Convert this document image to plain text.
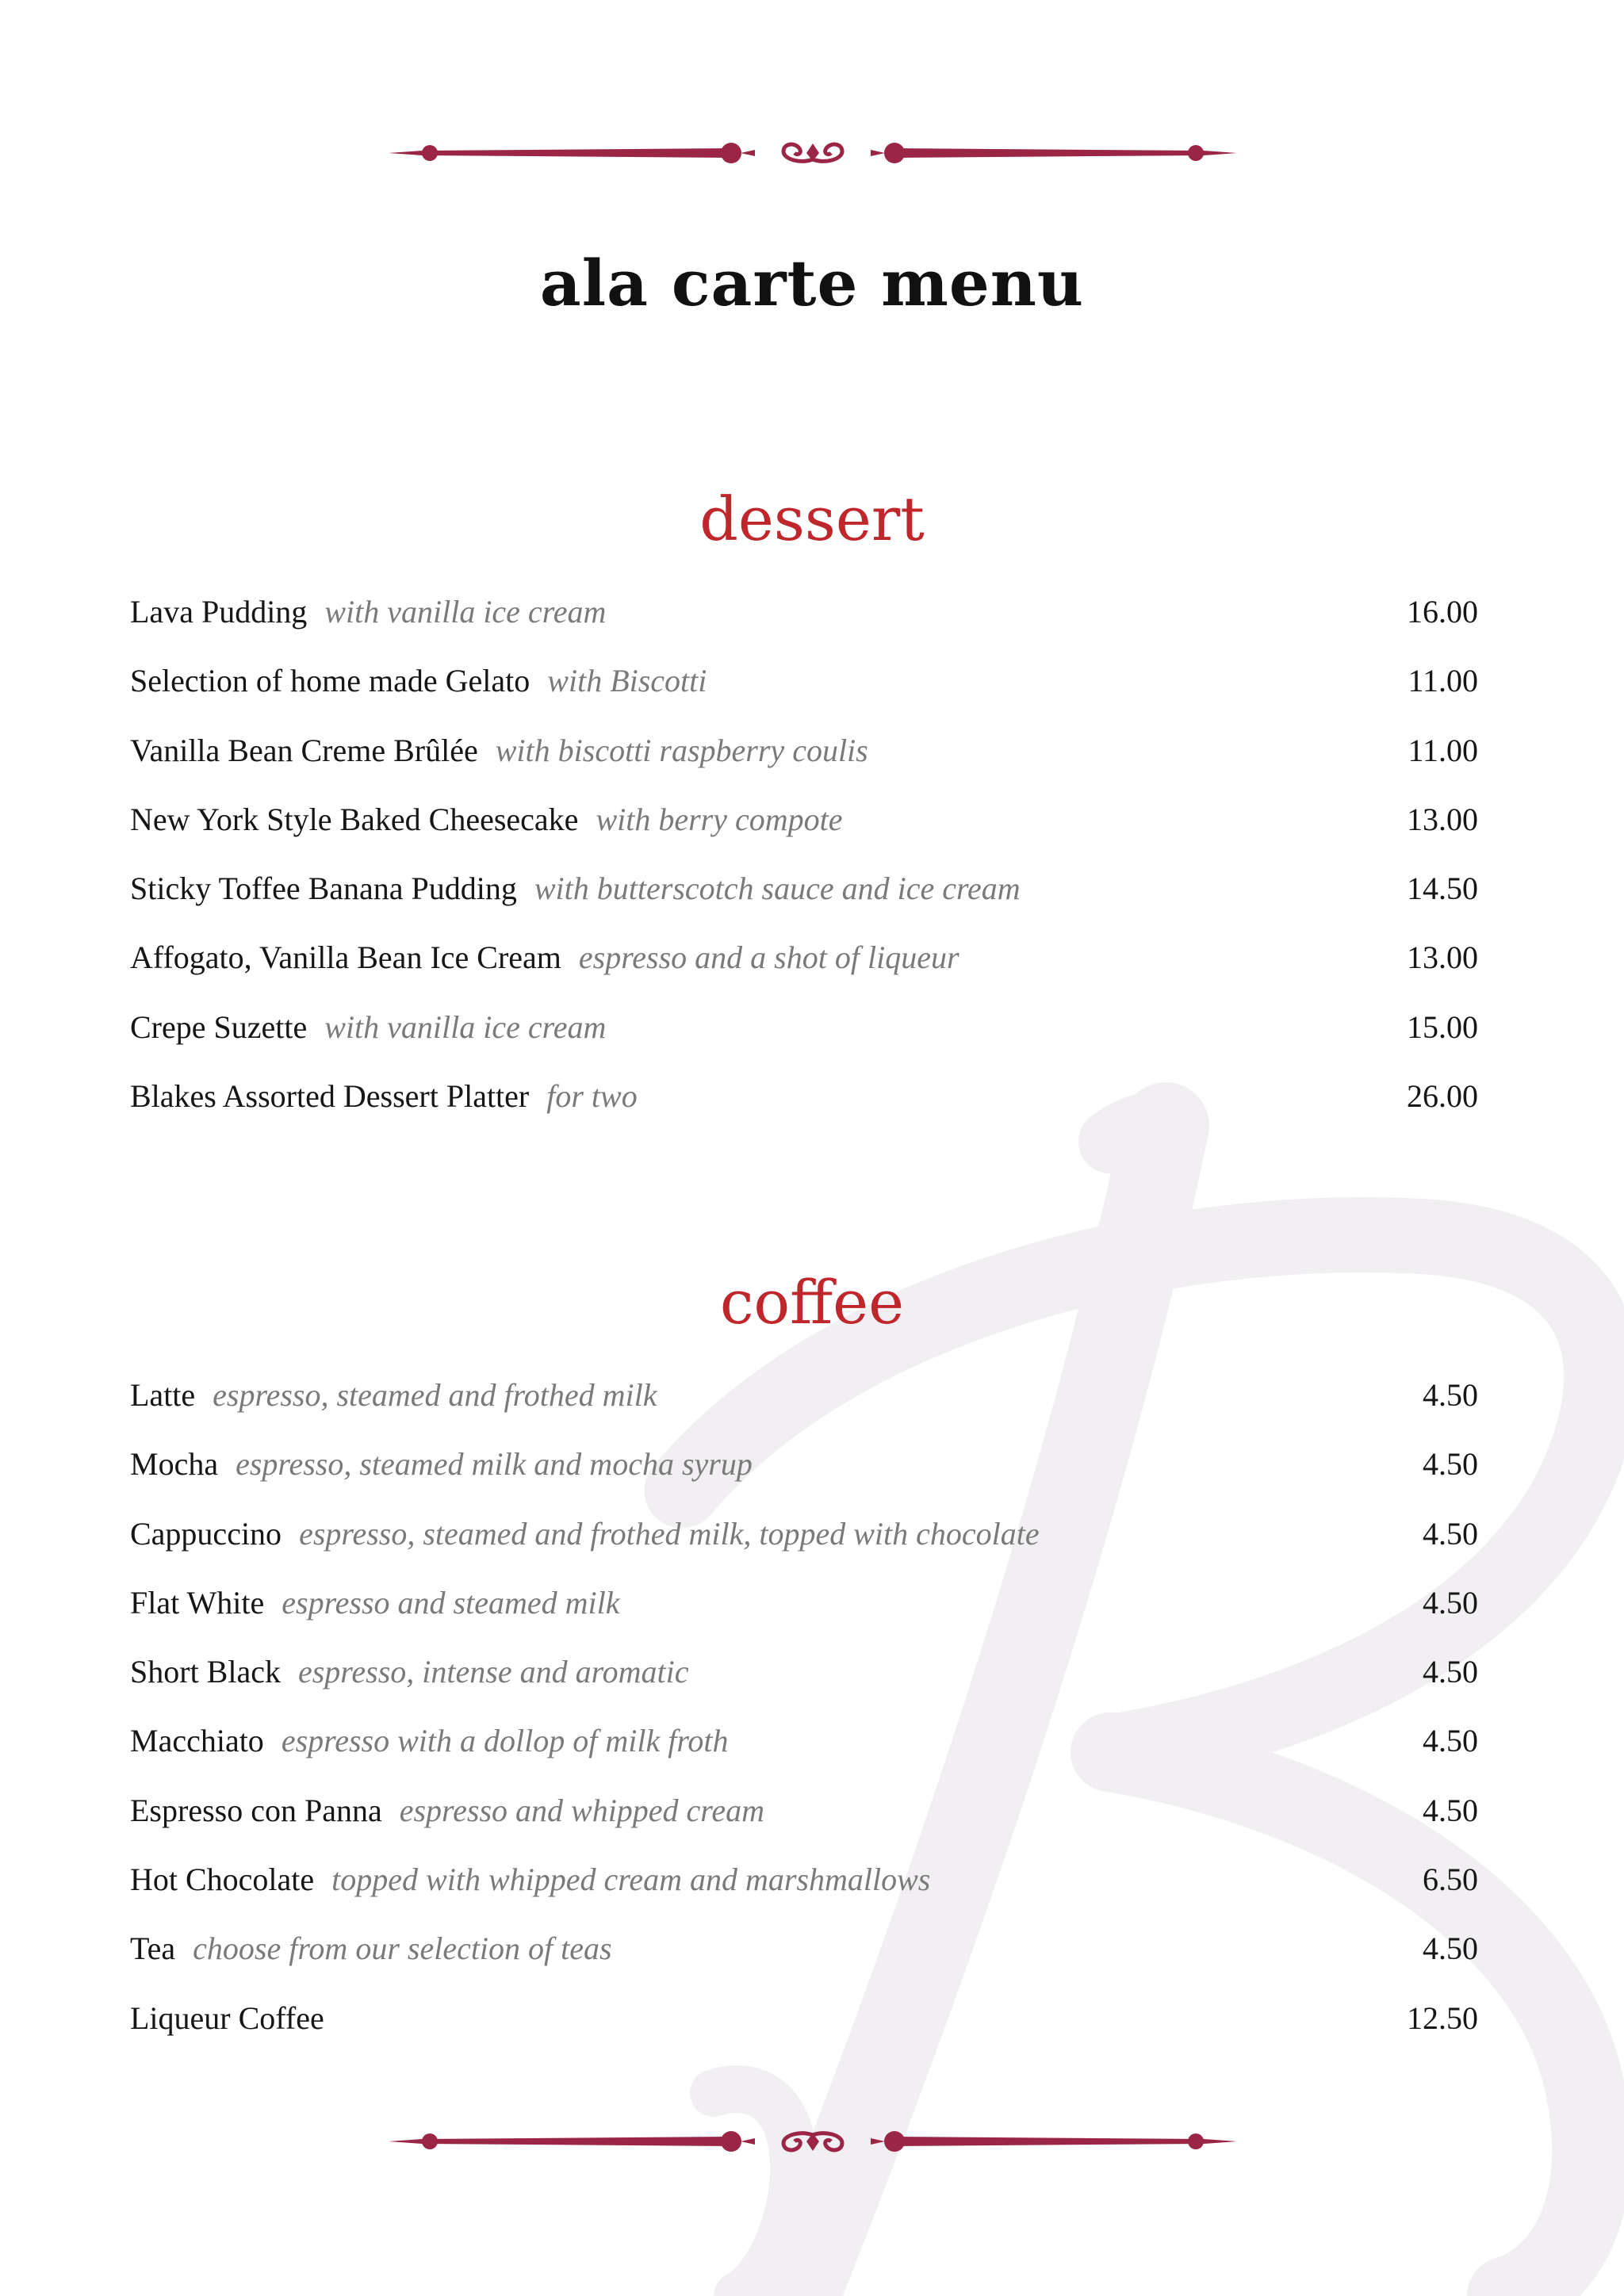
ala carte menu
dessert
Lava Pudding with vanilla ice cream	16.00
Selection of home made Gelato with Biscotti	11.00
Vanilla Bean Creme Brûlée with biscotti raspberry coulis	11.00
New York Style Baked Cheesecake with berry compote	13.00
Sticky Toffee Banana Pudding with butterscotch sauce and ice cream	14.50
Affogato, Vanilla Bean Ice Cream espresso and a shot of liqueur	13.00
Crepe Suzette with vanilla ice cream	15.00
Blakes Assorted Dessert Platter for two	26.00
coffee
Latte espresso, steamed and frothed milk	4.50
Mocha espresso, steamed milk and mocha syrup	4.50
Cappuccino espresso, steamed and frothed milk, topped with chocolate	4.50
Flat White espresso and steamed milk	4.50
Short Black espresso, intense and aromatic	4.50
Macchiato espresso with a dollop of milk froth	4.50
Espresso con Panna espresso and whipped cream	4.50
Hot Chocolate topped with whipped cream and marshmallows	6.50
Tea choose from our selection of teas	4.50
Liqueur Coffee	12.50
